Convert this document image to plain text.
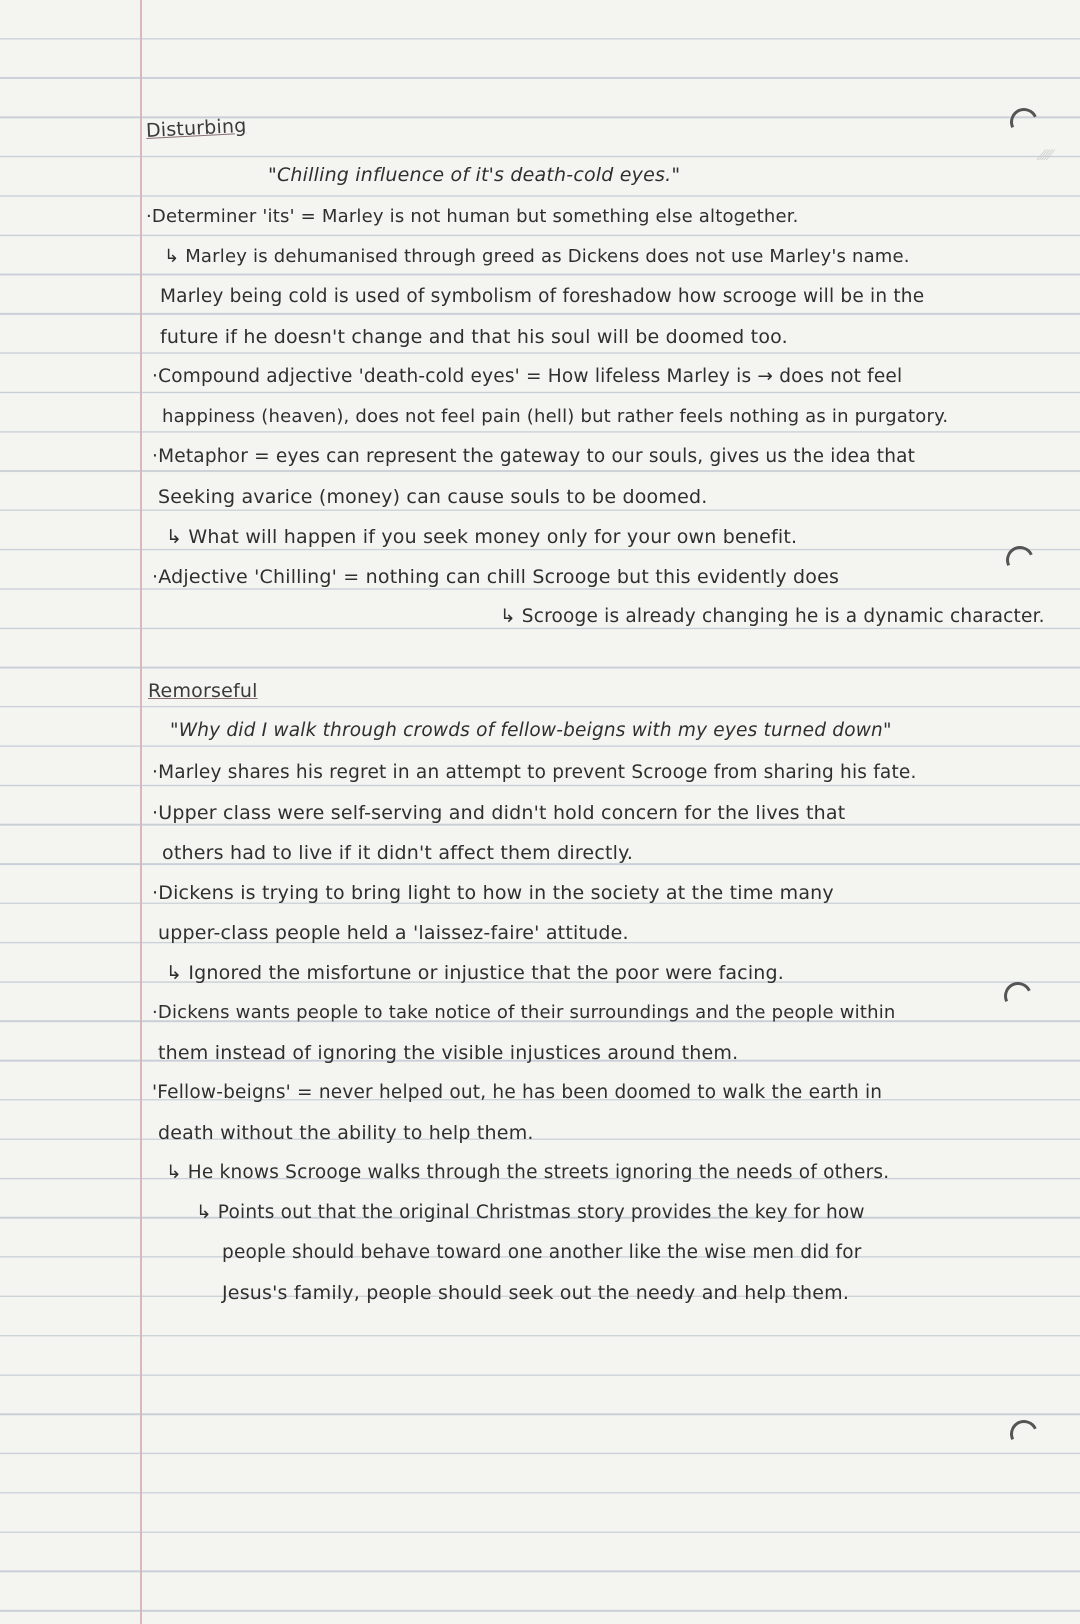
⁄⁄⁄⁄⁄
Disturbing
"Chilling influence of it's death-cold eyes."
·Determiner 'its' = Marley is not human but something else altogether.
↳ Marley is dehumanised through greed as Dickens does not use Marley's name.
Marley being cold is used of symbolism of foreshadow how scrooge will be in the
future if he doesn't change and that his soul will be doomed too.
·Compound adjective 'death-cold eyes' = How lifeless Marley is → does not feel
happiness (heaven), does not feel pain (hell) but rather feels nothing as in purgatory.
·Metaphor = eyes can represent the gateway to our souls, gives us the idea that
Seeking avarice (money) can cause souls to be doomed.
↳ What will happen if you seek money only for your own benefit.
·Adjective 'Chilling' = nothing can chill Scrooge but this evidently does
↳ Scrooge is already changing he is a dynamic character.
Remorseful
"Why did I walk through crowds of fellow-beigns with my eyes turned down"
·Marley shares his regret in an attempt to prevent Scrooge from sharing his fate.
·Upper class were self-serving and didn't hold concern for the lives that
others had to live if it didn't affect them directly.
·Dickens is trying to bring light to how in the society at the time many
upper-class people held a 'laissez-faire' attitude.
↳ Ignored the misfortune or injustice that the poor were facing.
·Dickens wants people to take notice of their surroundings and the people within
them instead of ignoring the visible injustices around them.
'Fellow-beigns' = never helped out, he has been doomed to walk the earth in
death without the ability to help them.
↳ He knows Scrooge walks through the streets ignoring the needs of others.
↳ Points out that the original Christmas story provides the key for how
people should behave toward one another like the wise men did for
Jesus's family, people should seek out the needy and help them.
